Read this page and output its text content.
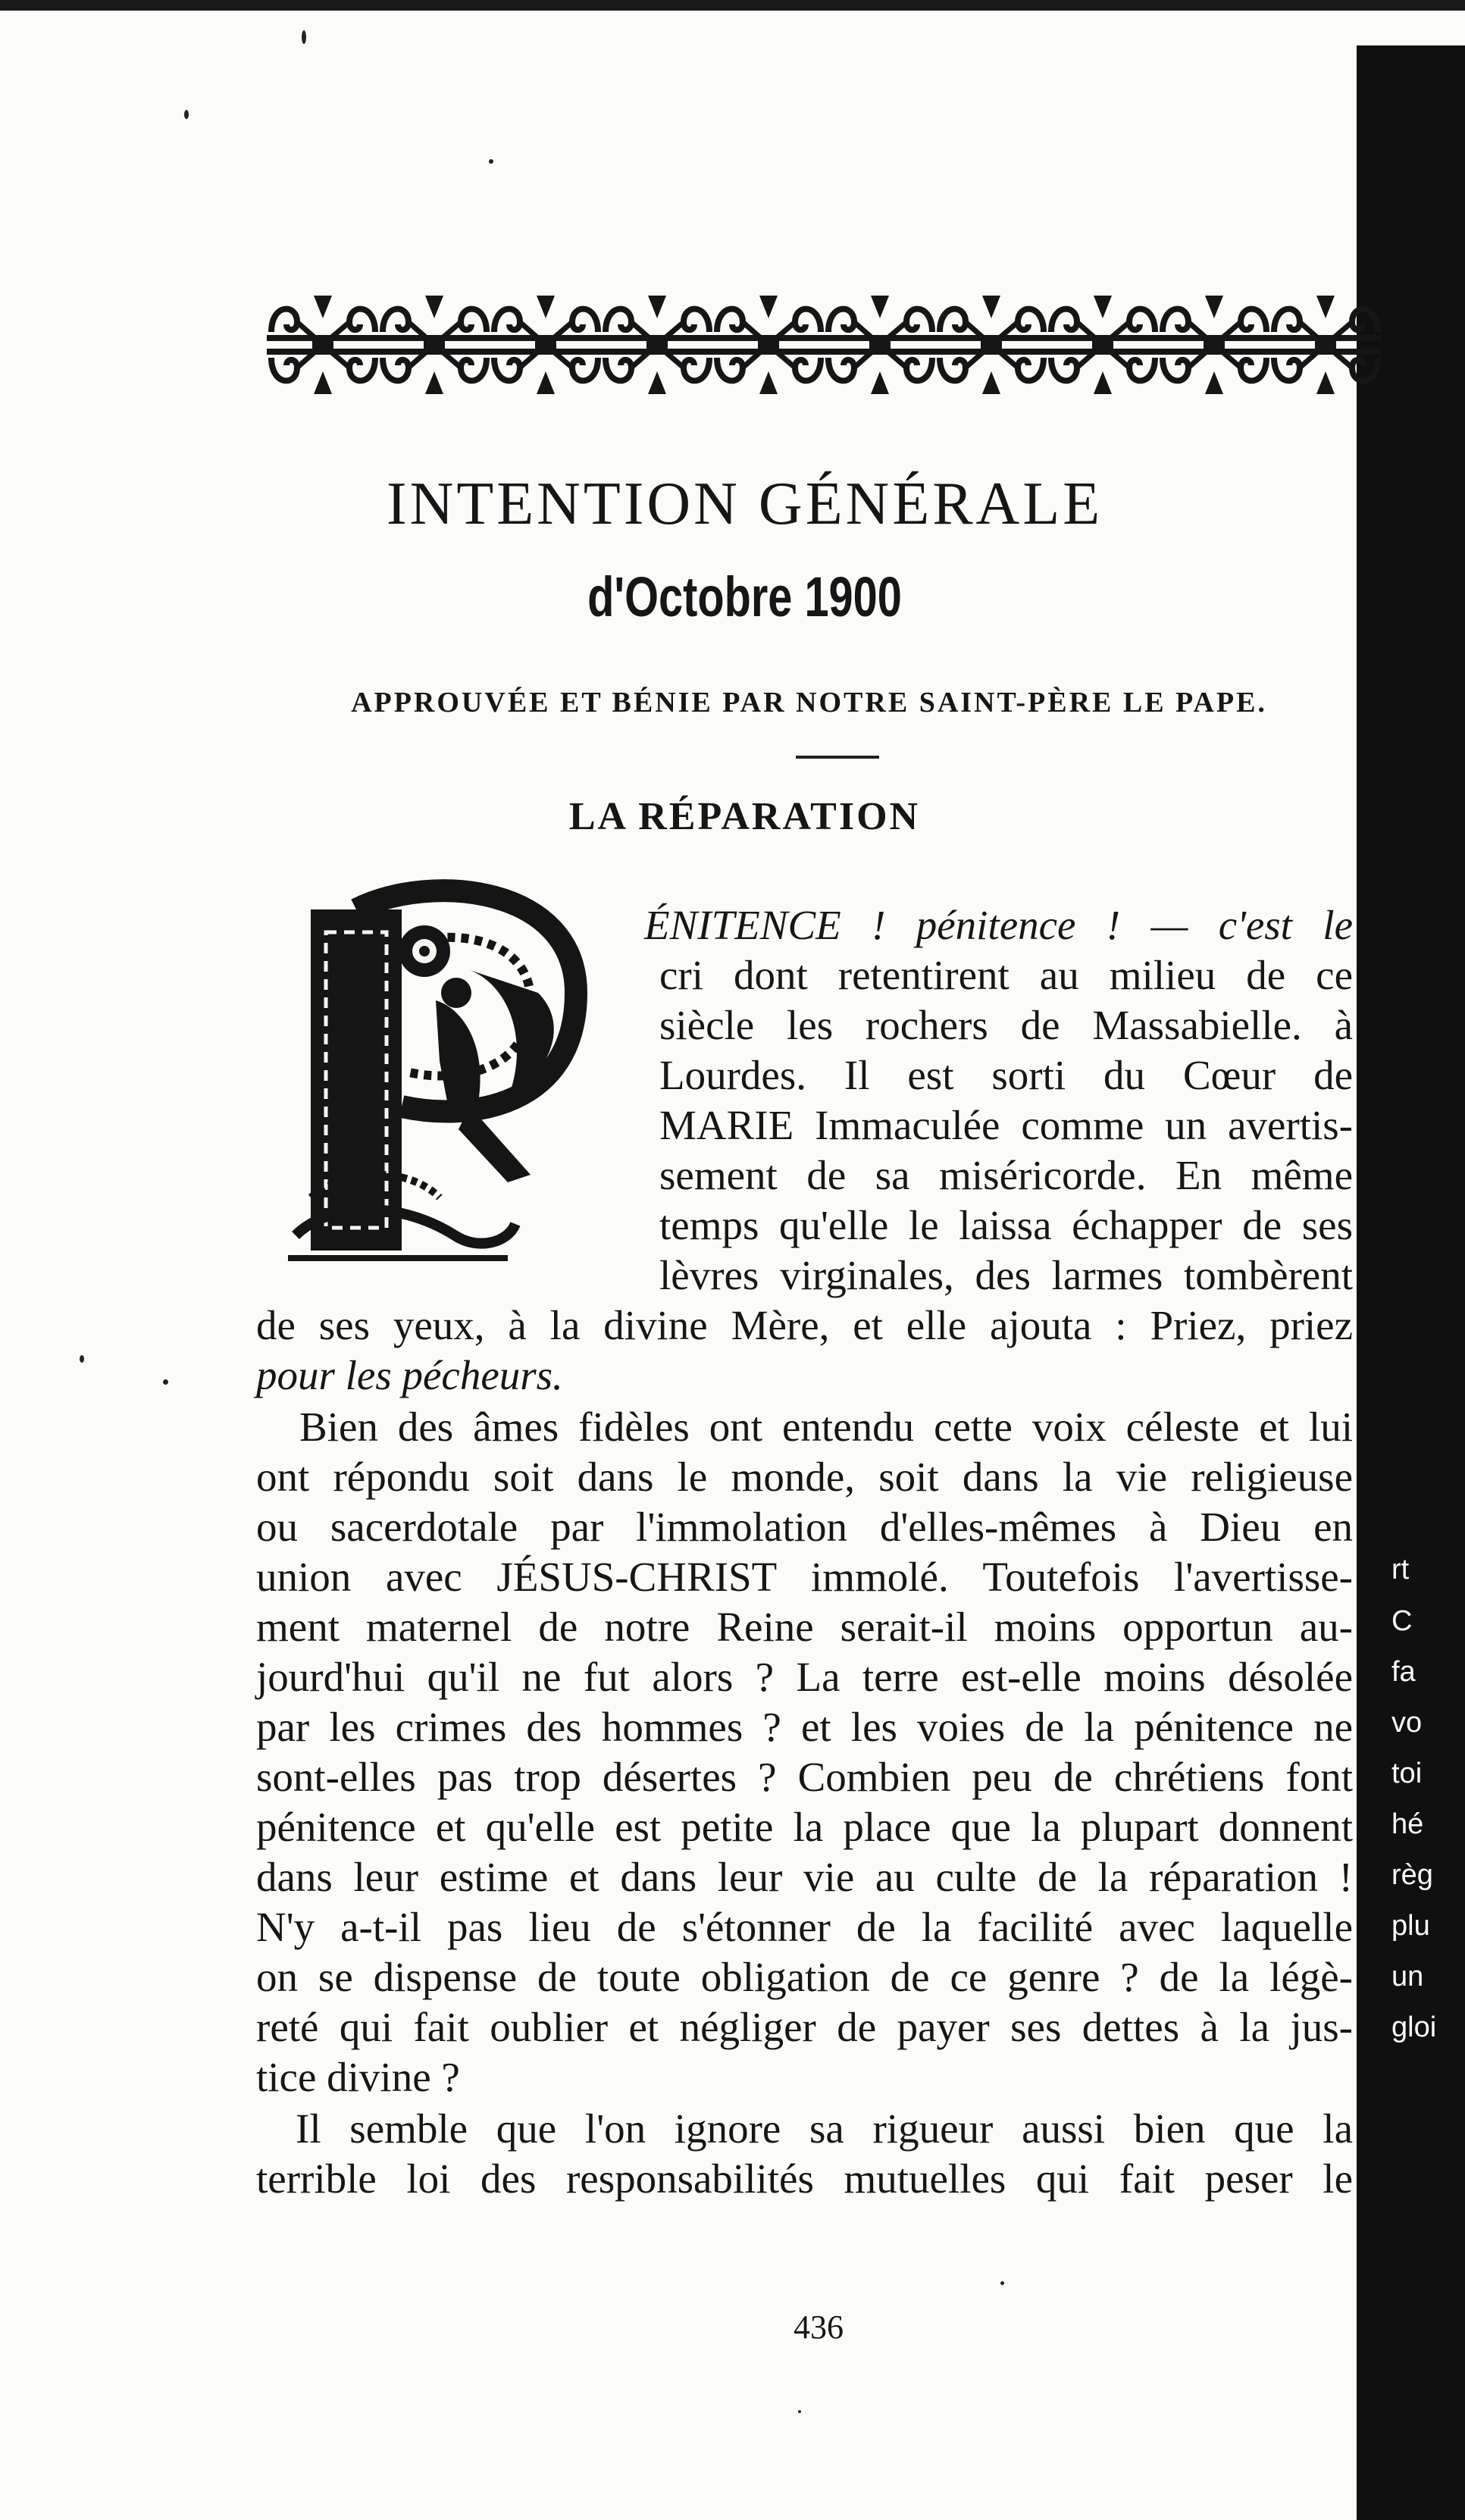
rt
C
fa
vo
toi
hé
règ
plu
un
gloi
INTENTION GÉNÉRALE
d'Octobre 1900
APPROUVÉE ET BÉNIE PAR NOTRE SAINT-PÈRE LE PAPE.
LA RÉPARATION
ÉNITENCE ! pénitence ! — c'est le
cri dont retentirent au milieu de ce
siècle les rochers de Massabielle. à
Lourdes. Il est sorti du Cœur de
MARIE Immaculée comme un avertis-
sement de sa miséricorde. En même
temps qu'elle le laissa échapper de ses
lèvres virginales, des larmes tombèrent
de ses yeux, à la divine Mère, et elle ajouta : Priez, priez
pour les pécheurs.
Bien des âmes fidèles ont entendu cette voix céleste et lui
ont répondu soit dans le monde, soit dans la vie religieuse
ou sacerdotale par l'immolation d'elles-mêmes à Dieu en
union avec JÉSUS-CHRIST immolé. Toutefois l'avertisse-
ment maternel de notre Reine serait-il moins opportun au-
jourd'hui qu'il ne fut alors ? La terre est-elle moins désolée
par les crimes des hommes ? et les voies de la pénitence ne
sont-elles pas trop désertes ? Combien peu de chrétiens font
pénitence et qu'elle est petite la place que la plupart donnent
dans leur estime et dans leur vie au culte de la réparation !
N'y a-t-il pas lieu de s'étonner de la facilité avec laquelle
on se dispense de toute obligation de ce genre ? de la légè-
reté qui fait oublier et négliger de payer ses dettes à la jus-
tice divine ?
Il semble que l'on ignore sa rigueur aussi bien que la
terrible loi des responsabilités mutuelles qui fait peser le
436
